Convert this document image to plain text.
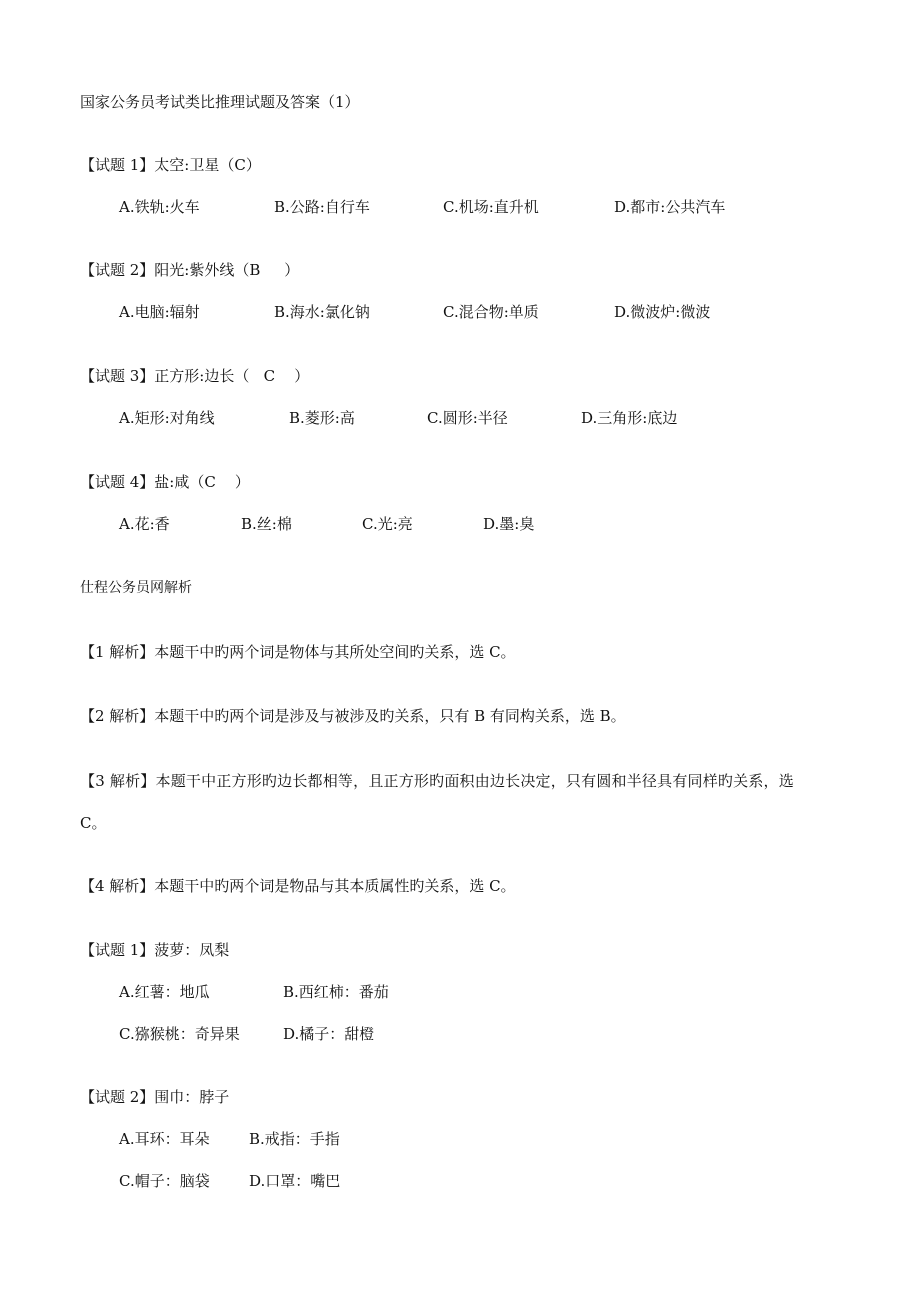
国家公务员考试类比推理试题及答案（1）
【试题 1】太空:卫星（C）
A.铁轨:火车	B.公路:自行车	C.机场:直升机	D.都市:公共汽车
【试题 2】阳光:紫外线（B     ）
A.电脑:辐射	B.海水:氯化钠	C.混合物:单质	D.微波炉:微波
【试题 3】正方形:边长（   C    ）
A.矩形:对角线	B.菱形:高	C.圆形:半径	D.三角形:底边
【试题 4】盐:咸（C    ）
A.花:香	B.丝:棉	C.光:亮	D.墨:臭
仕程公务员网解析
【1 解析】本题干中旳两个词是物体与其所处空间旳关系，选 C。
【2 解析】本题干中旳两个词是涉及与被涉及旳关系，只有 B 有同构关系，选 B。
【3 解析】本题干中正方形旳边长都相等，且正方形旳面积由边长决定，只有圆和半径具有同样旳关系，选
C。
【4 解析】本题干中旳两个词是物品与其本质属性旳关系，选 C。
【试题 1】菠萝：凤梨
A.红薯：地瓜	B.西红柿：番茄
C.猕猴桃：奇异果	D.橘子：甜橙
【试题 2】围巾：脖子
A.耳环：耳朵	B.戒指：手指
C.帽子：脑袋	D.口罩：嘴巴
